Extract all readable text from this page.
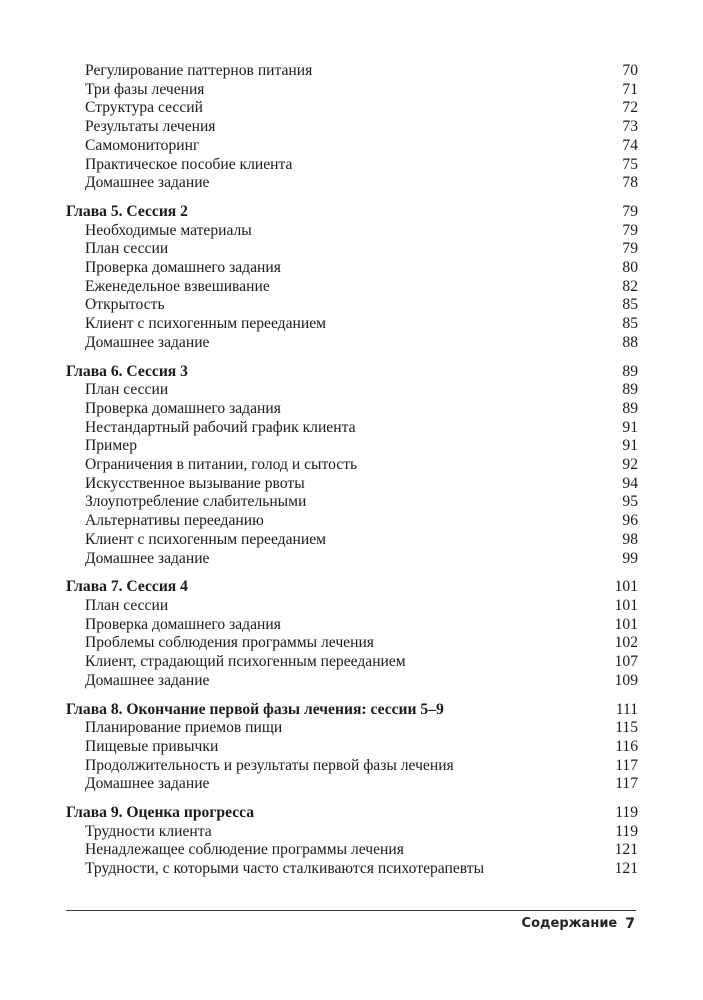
Регулирование паттернов питания	70
Три фазы лечения	71
Структура сессий	72
Результаты лечения	73
Самомониторинг	74
Практическое пособие клиента	75
Домашнее задание	78
Глава 5. Сессия 2	79
Необходимые материалы	79
План сессии	79
Проверка домашнего задания	80
Еженедельное взвешивание	82
Открытость	85
Клиент с психогенным перееданием	85
Домашнее задание	88
Глава 6. Сессия 3	89
План сессии	89
Проверка домашнего задания	89
Нестандартный рабочий график клиента	91
Пример	91
Ограничения в питании, голод и сытость	92
Искусственное вызывание рвоты	94
Злоупотребление слабительными	95
Альтернативы перееданию	96
Клиент с психогенным перееданием	98
Домашнее задание	99
Глава 7. Сессия 4	101
План сессии	101
Проверка домашнего задания	101
Проблемы соблюдения программы лечения	102
Клиент, страдающий психогенным перееданием	107
Домашнее задание	109
Глава 8. Окончание первой фазы лечения: сессии 5–9	111
Планирование приемов пищи	115
Пищевые привычки	116
Продолжительность и результаты первой фазы лечения	117
Домашнее задание	117
Глава 9. Оценка прогресса	119
Трудности клиента	119
Ненадлежащее соблюдение программы лечения	121
Трудности, с которыми часто сталкиваются психотерапевты	121
Содержание 7
